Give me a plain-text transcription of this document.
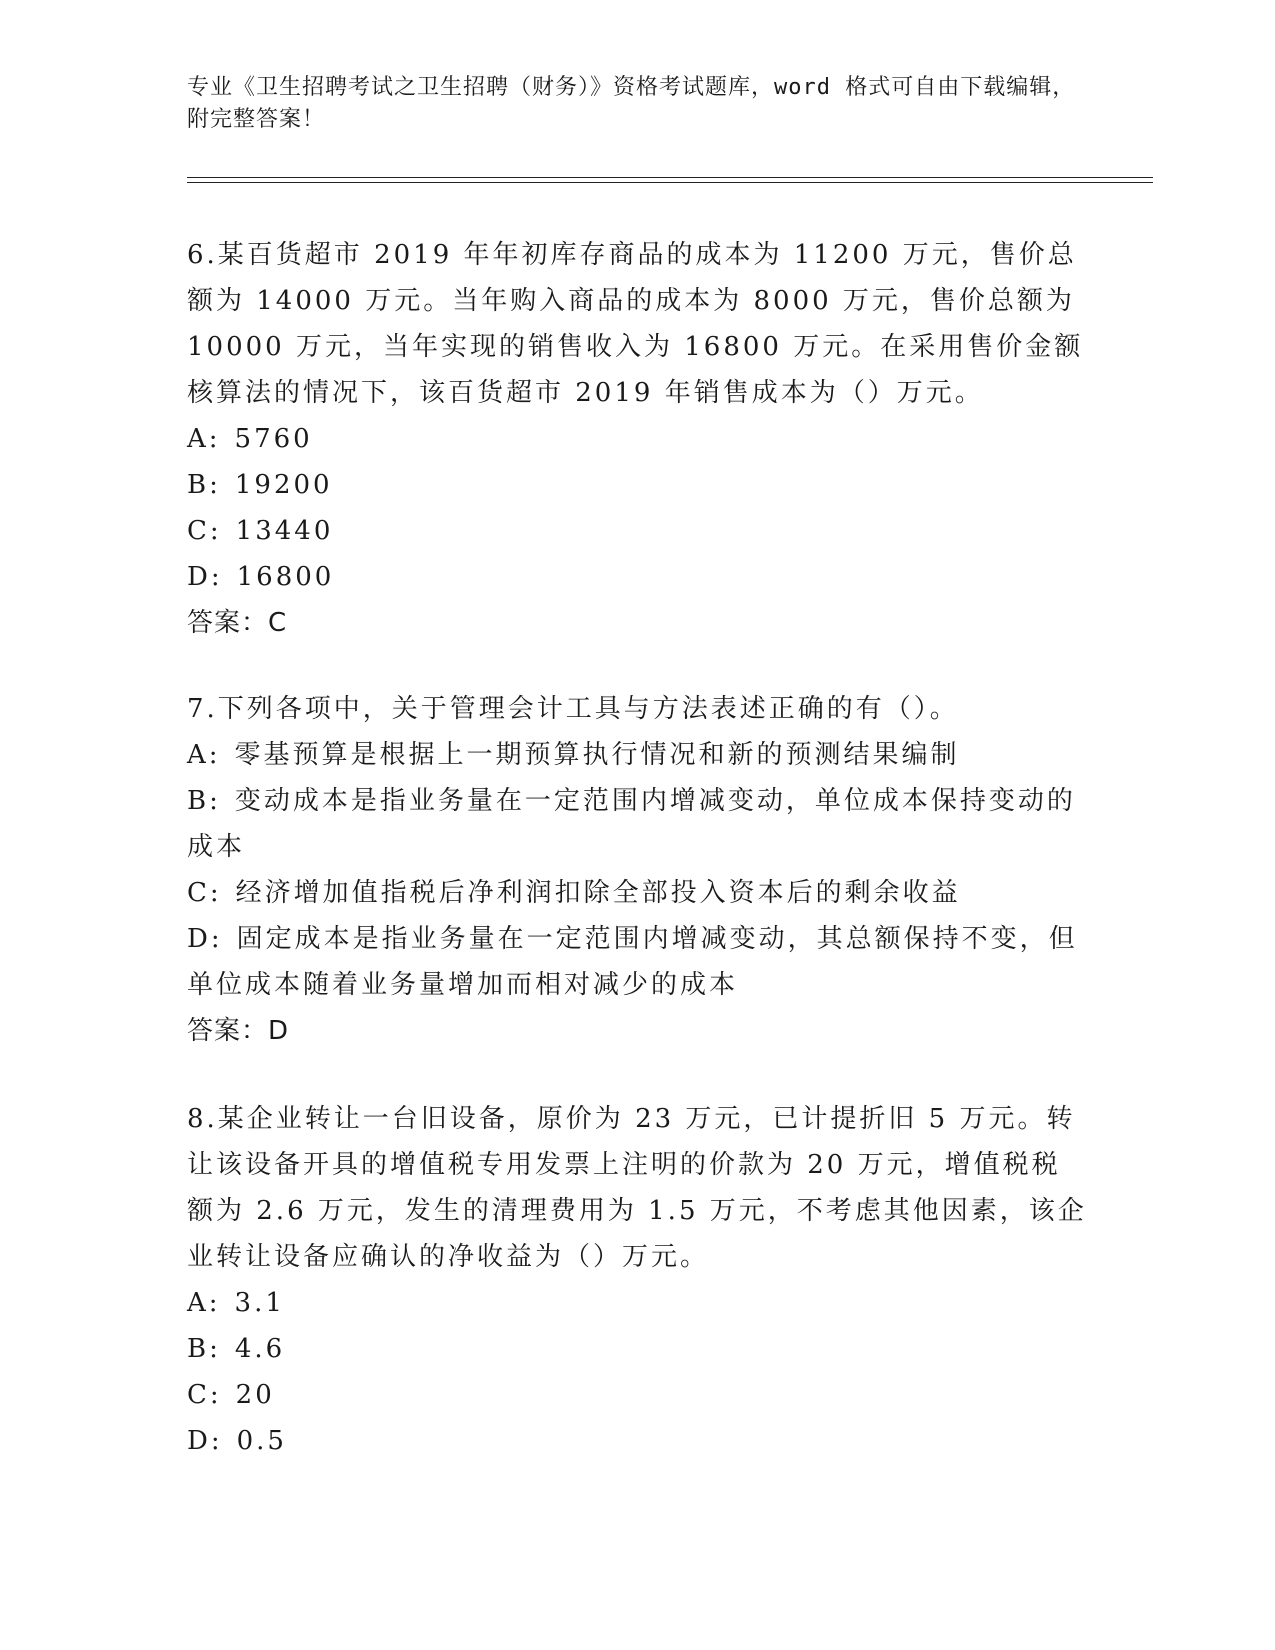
专业《卫生招聘考试之卫生招聘（财务）》资格考试题库，word 格式可自由下载编辑，附完整答案！

6.某百货超市 2019 年年初库存商品的成本为 11200 万元，售价总额为 14000 万元。当年购入商品的成本为 8000 万元，售价总额为 10000 万元，当年实现的销售收入为 16800 万元。在采用售价金额核算法的情况下，该百货超市 2019 年销售成本为（）万元。

A: 5760

B: 19200

C: 13440

D: 16800

答案：C

7.下列各项中，关于管理会计工具与方法表述正确的有（）。

A: 零基预算是根据上一期预算执行情况和新的预测结果编制

B: 变动成本是指业务量在一定范围内增减变动，单位成本保持变动的成本

C: 经济增加值指税后净利润扣除全部投入资本后的剩余收益

D: 固定成本是指业务量在一定范围内增减变动，其总额保持不变，但单位成本随着业务量增加而相对减少的成本

答案：D

8.某企业转让一台旧设备，原价为 23 万元，已计提折旧 5 万元。转让该设备开具的增值税专用发票上注明的价款为 20 万元，增值税税额为 2.6 万元，发生的清理费用为 1.5 万元，不考虑其他因素，该企业转让设备应确认的净收益为（）万元。

A: 3.1

B: 4.6

C: 20

D: 0.5
